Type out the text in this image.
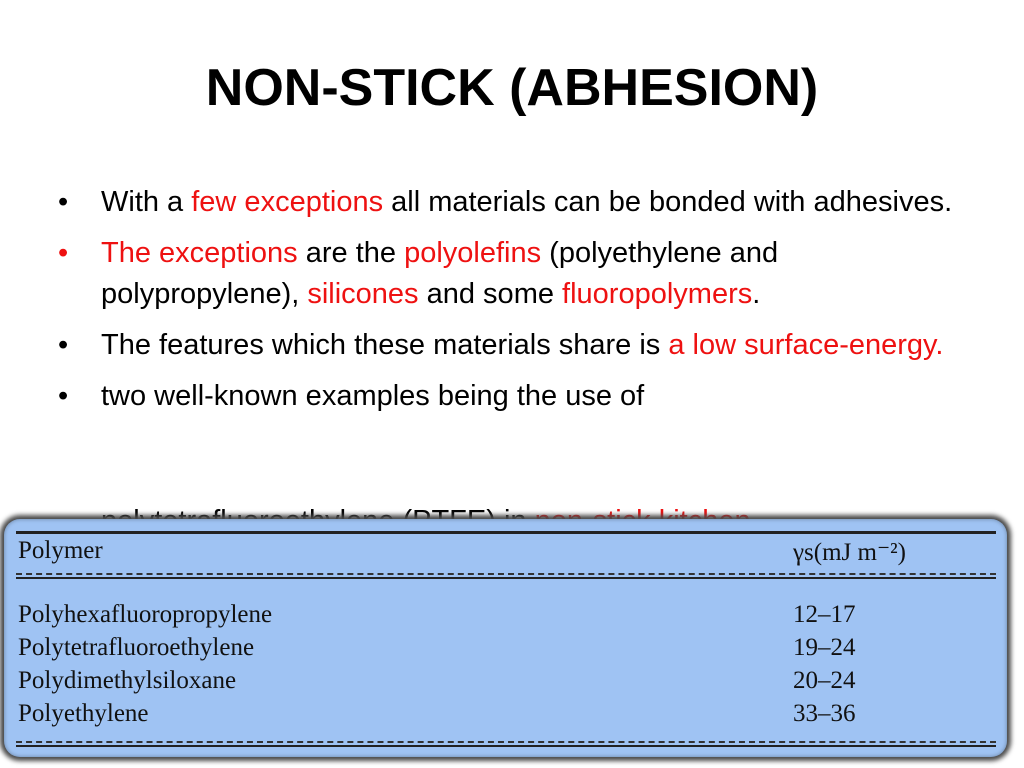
NON-STICK (ABHESION)
•	With a few exceptions all materials can be bonded with adhesives.
•	The exceptions are the polyolefins (polyethylene and polypropylene), silicones and some fluoropolymers.
•	The features which these materials share is a low surface-energy.
•	two well-known examples being the use of
Polymer	γs(mJ m⁻²)
Polyhexafluoropropylene	12–17
Polytetrafluoroethylene	19–24
Polydimethylsiloxane	20–24
Polyethylene	33–36
